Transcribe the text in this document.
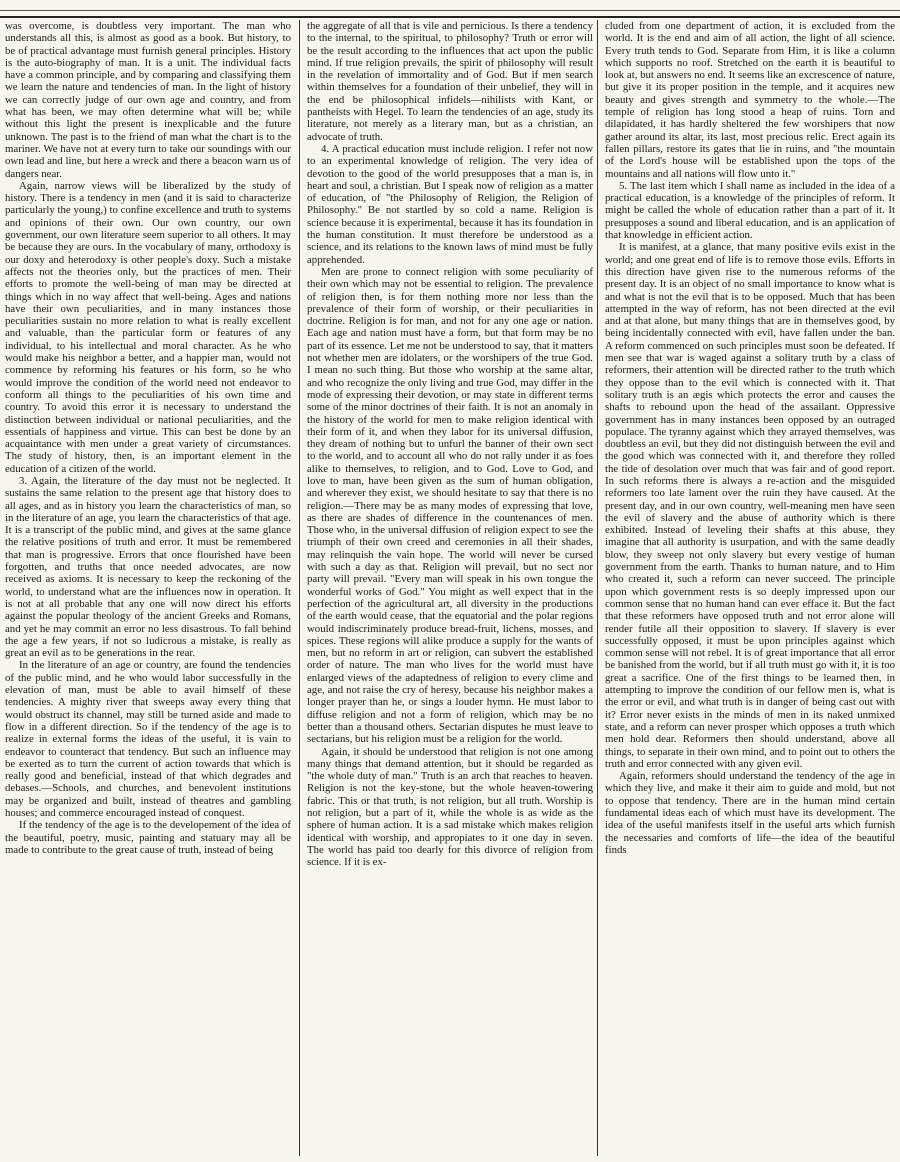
was overcome, is doubtless very important. The man who understands all this, is almost as good as a book. But history, to be of practical advantage must furnish general principles. History is the auto-biography of man. It is a unit. The individual facts have a common principle, and by comparing and classifying them we learn the nature and tendencies of man. In the light of history we can correctly judge of our own age and country, and from what has been, we may often determine what will be; while without this light the present is inexplicable and the future unknown. The past is to the friend of man what the chart is to the mariner. We have not at every turn to take our soundings with our own lead and line, but here a wreck and there a beacon warn us of dangers near.

Again, narrow views will be liberalized by the study of history. There is a tendency in men (and it is said to characterize particularly the young,) to confine excellence and truth to systems and opinions of their own. Our own country, our own government, our own literature seem superior to all others. It may be because they are ours. In the vocabulary of many, orthodoxy is our doxy and heterodoxy is other people's doxy. Such a mistake affects not the theories only, but the practices of men. Their efforts to promote the well-being of man may be directed at things which in no way affect that well-being. Ages and nations have their own peculiarities, and in many instances those peculiarities sustain no more relation to what is really excellent and valuable, than the particular form or features of any individual, to his intellectual and moral character. As he who would make his neighbor a better, and a happier man, would not commence by reforming his features or his form, so he who would improve the condition of the world need not endeavor to conform all things to the peculiarities of his own time and country. To avoid this error it is necessary to understand the distinction between individual or national peculiarities, and the essentials of happiness and virtue. This can best be done by an acquaintance with men under a great variety of circumstances. The study of history, then, is an important element in the education of a citizen of the world.

3. Again, the literature of the day must not be neglected. It sustains the same relation to the present age that history does to all ages, and as in history you learn the characteristics of man, so in the literature of an age, you learn the characteristics of that age. It is a transcript of the public mind, and gives at the same glance the relative positions of truth and error. It must be remembered that man is progressive. Errors that once flourished have been forgotten, and truths that once needed advocates, are now received as axioms. It is necessary to keep the reckoning of the world, to understand what are the influences now in operation. It is not at all probable that any one will now direct his efforts against the popular theology of the ancient Greeks and Romans, and yet he may commit an error no less disastrous. To fall behind the age a few years, if not so ludicrous a mistake, is really as great an evil as to be generations in the rear.

In the literature of an age or country, are found the tendencies of the public mind, and he who would labor successfully in the elevation of man, must be able to avail himself of these tendencies. A mighty river that sweeps away every thing that would obstruct its channel, may still be turned aside and made to flow in a different direction. So if the tendency of the age is to realize in external forms the ideas of the useful, it is vain to endeavor to counteract that tendency. But such an influence may be exerted as to turn the current of action towards that which is really good and beneficial, instead of that which degrades and debases.—Schools, and churches, and benevolent institutions may be organized and built, instead of theatres and gambling houses; and commerce encouraged instead of conquest.

If the tendency of the age is to the developement of the idea of the beautiful, poetry, music, painting and statuary may all be made to contribute to the great cause of truth, instead of being

the aggregate of all that is vile and pernicious. Is there a tendency to the internal, to the spiritual, to philosophy? Truth or error will be the result according to the influences that act upon the public mind. If true religion prevails, the spirit of philosophy will result in the revelation of immortality and of God. But if men search within themselves for a foundation of their unbelief, they will in the end be philosophical infidels—nihilists with Kant, or pantheists with Hegel. To learn the tendencies of an age, study its literature, not merely as a literary man, but as a christian, an advocate of truth.

4. A practical education must include religion. I refer not now to an experimental knowledge of religion. The very idea of devotion to the good of the world presupposes that a man is, in heart and soul, a christian. But I speak now of religion as a matter of education, of "the Philosophy of Religion, the Religion of Philosophy." Be not startled by so cold a name. Religion is science because it is experimental, because it has its foundation in the human constitution. It must therefore be understood as a science, and its relations to the known laws of mind must be fully apprehended.

Men are prone to connect religion with some peculiarity of their own which may not be essential to religion. The prevalence of religion then, is for them nothing more nor less than the prevalence of their form of worship, or their peculiarities in doctrine. Religion is for man, and not for any one age or nation. Each age and nation must have a form, but that form may be no part of its essence. Let me not be understood to say, that it matters not whether men are idolaters, or the worshipers of the true God. I mean no such thing. But those who worship at the same altar, and who recognize the only living and true God, may differ in the mode of expressing their devotion, or may state in different terms some of the minor doctrines of their faith. It is not an anomaly in the history of the world for men to make religion identical with their form of it, and when they labor for its universal diffusion, they dream of nothing but to unfurl the banner of their own sect to the world, and to account all who do not rally under it as foes alike to themselves, to religion, and to God. Love to God, and love to man, have been given as the sum of human obligation, and wherever they exist, we should hesitate to say that there is no religion.—There may be as many modes of expressing that love, as there are shades of difference in the countenances of men. Those who, in the universal diffusion of religion expect to see the triumph of their own creed and ceremonies in all their shades, may relinquish the vain hope. The world will never be cursed with such a day as that. Religion will prevail, but no sect nor party will prevail. "Every man will speak in his own tongue the wonderful works of God." You might as well expect that in the perfection of the agricultural art, all diversity in the productions of the earth would cease, that the equatorial and the polar regions would indiscriminately produce bread-fruit, lichens, mosses, and spices. These regions will alike produce a supply for the wants of men, but no reform in art or religion, can subvert the established order of nature. The man who lives for the world must have enlarged views of the adaptedness of religion to every clime and age, and not raise the cry of heresy, because his neighbor makes a longer prayer than he, or sings a louder hymn. He must labor to diffuse religion and not a form of religion, which may be no better than a thousand others. Sectarian disputes he must leave to sectarians, but his religion must be a religion for the world.

Again, it should be understood that religion is not one among many things that demand attention, but it should be regarded as "the whole duty of man." Truth is an arch that reaches to heaven. Religion is not the key-stone, but the whole heaven-towering fabric. This or that truth, is not religion, but all truth. Worship is not religion, but a part of it, while the whole is as wide as the sphere of human action. It is a sad mistake which makes religion identical with worship, and appropiates to it one day in seven. The world has paid too dearly for this divorce of religion from science. If it is ex-

cluded from one department of action, it is excluded from the world. It is the end and aim of all action, the light of all science. Every truth tends to God. Separate from Him, it is like a column which supports no roof. Stretched on the earth it is beautiful to look at, but answers no end. It seems like an excrescence of nature, but give it its proper position in the temple, and it acquires new beauty and gives strength and symmetry to the whole.—The temple of religion has long stood a heap of ruins. Torn and dilapidated, it has hardly sheltered the few worshipers that now gather around its altar, its last, most precious relic. Erect again its fallen pillars, restore its gates that lie in ruins, and "the mountain of the Lord's house will be established upon the tops of the mountains and all nations will flow unto it."

5. The last item which I shall name as included in the idea of a practical education, is a knowledge of the principles of reform. It might be called the whole of education rather than a part of it. It presupposes a sound and liberal education, and is an application of that knowledge in efficient action.

It is manifest, at a glance, that many positive evils exist in the world; and one great end of life is to remove those evils. Efforts in this direction have given rise to the numerous reforms of the present day. It is an object of no small importance to know what is and what is not the evil that is to be opposed. Much that has been attempted in the way of reform, has not been directed at the evil and at that alone, but many things that are in themselves good, by being incidentally connected with evil, have fallen under the ban. A reform commenced on such principles must soon be defeated. If men see that war is waged against a solitary truth by a class of reformers, their attention will be directed rather to the truth which they oppose than to the evil which is connected with it. That solitary truth is an ægis which protects the error and causes the shafts to rebound upon the head of the assailant. Oppressive government has in many instances been opposed by an outraged populace. The tyranny against which they arrayed themselves, was doubtless an evil, but they did not distinguish between the evil and the good which was connected with it, and therefore they rolled the tide of desolation over much that was fair and of good report. In such reforms there is always a re-action and the misguided reformers too late lament over the ruin they have caused. At the present day, and in our own country, well-meaning men have seen the evil of slavery and the abuse of authority which is there exhibited. Instead of leveling their shafts at this abuse, they imagine that all authority is usurpation, and with the same deadly blow, they sweep not only slavery but every vestige of human government from the earth. Thanks to human nature, and to Him who created it, such a reform can never succeed. The principle upon which government rests is so deeply impressed upon our common sense that no human hand can ever efface it. But the fact that these reformers have opposed truth and not error alone will render futile all their opposition to slavery. If slavery is ever successfully opposed, it must be upon principles against which common sense will not rebel. It is of great importance that all error be banished from the world, but if all truth must go with it, it is too great a sacrifice. One of the first things to be learned then, in attempting to improve the condition of our fellow men is, what is the error or evil, and what truth is in danger of being cast out with it? Error never exists in the minds of men in its naked unmixed state, and a reform can never prosper which opposes a truth which men hold dear. Reformers then should understand, above all things, to separate in their own mind, and to point out to others the truth and error connected with any given evil.

Again, reformers should understand the tendency of the age in which they live, and make it their aim to guide and mold, but not to oppose that tendency. There are in the human mind certain fundamental ideas each of which must have its development. The idea of the useful manifests itself in the useful arts which furnish the necessaries and comforts of life—the idea of the beautiful finds
